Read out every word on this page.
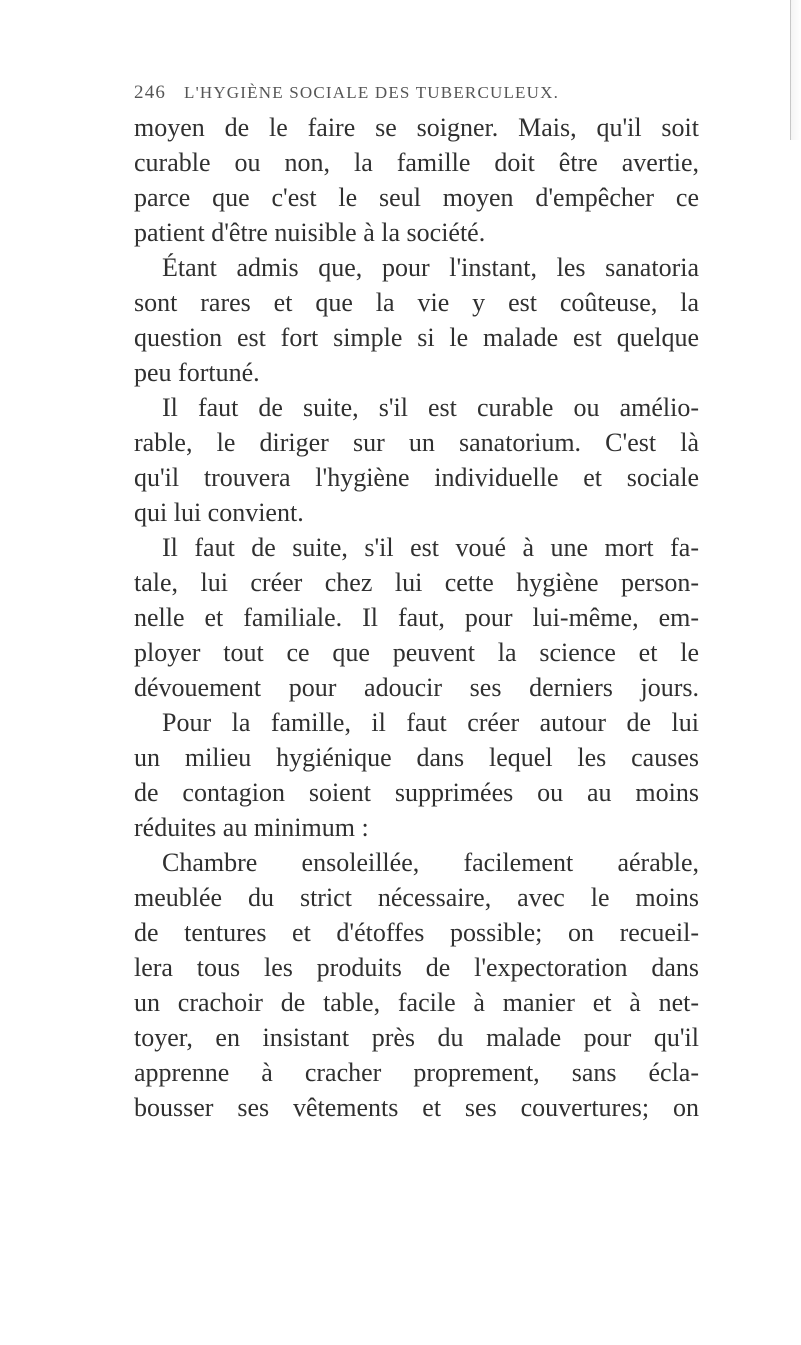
246 L'HYGIÈNE SOCIALE DES TUBERCULEUX.
moyen de le faire se soigner. Mais, qu'il soit
curable ou non, la famille doit être avertie,
parce que c'est le seul moyen d'empêcher ce
patient d'être nuisible à la société.
Étant admis que, pour l'instant, les sanatoria
sont rares et que la vie y est coûteuse, la
question est fort simple si le malade est quelque
peu fortuné.
Il faut de suite, s'il est curable ou amélio-
rable, le diriger sur un sanatorium. C'est là
qu'il trouvera l'hygiène individuelle et sociale
qui lui convient.
Il faut de suite, s'il est voué à une mort fa-
tale, lui créer chez lui cette hygiène person-
nelle et familiale. Il faut, pour lui-même, em-
ployer tout ce que peuvent la science et le
dévouement pour adoucir ses derniers jours.
Pour la famille, il faut créer autour de lui
un milieu hygiénique dans lequel les causes
de contagion soient supprimées ou au moins
réduites au minimum :
Chambre ensoleillée, facilement aérable,
meublée du strict nécessaire, avec le moins
de tentures et d'étoffes possible; on recueil-
lera tous les produits de l'expectoration dans
un crachoir de table, facile à manier et à net-
toyer, en insistant près du malade pour qu'il
apprenne à cracher proprement, sans écla-
bousser ses vêtements et ses couvertures; on
